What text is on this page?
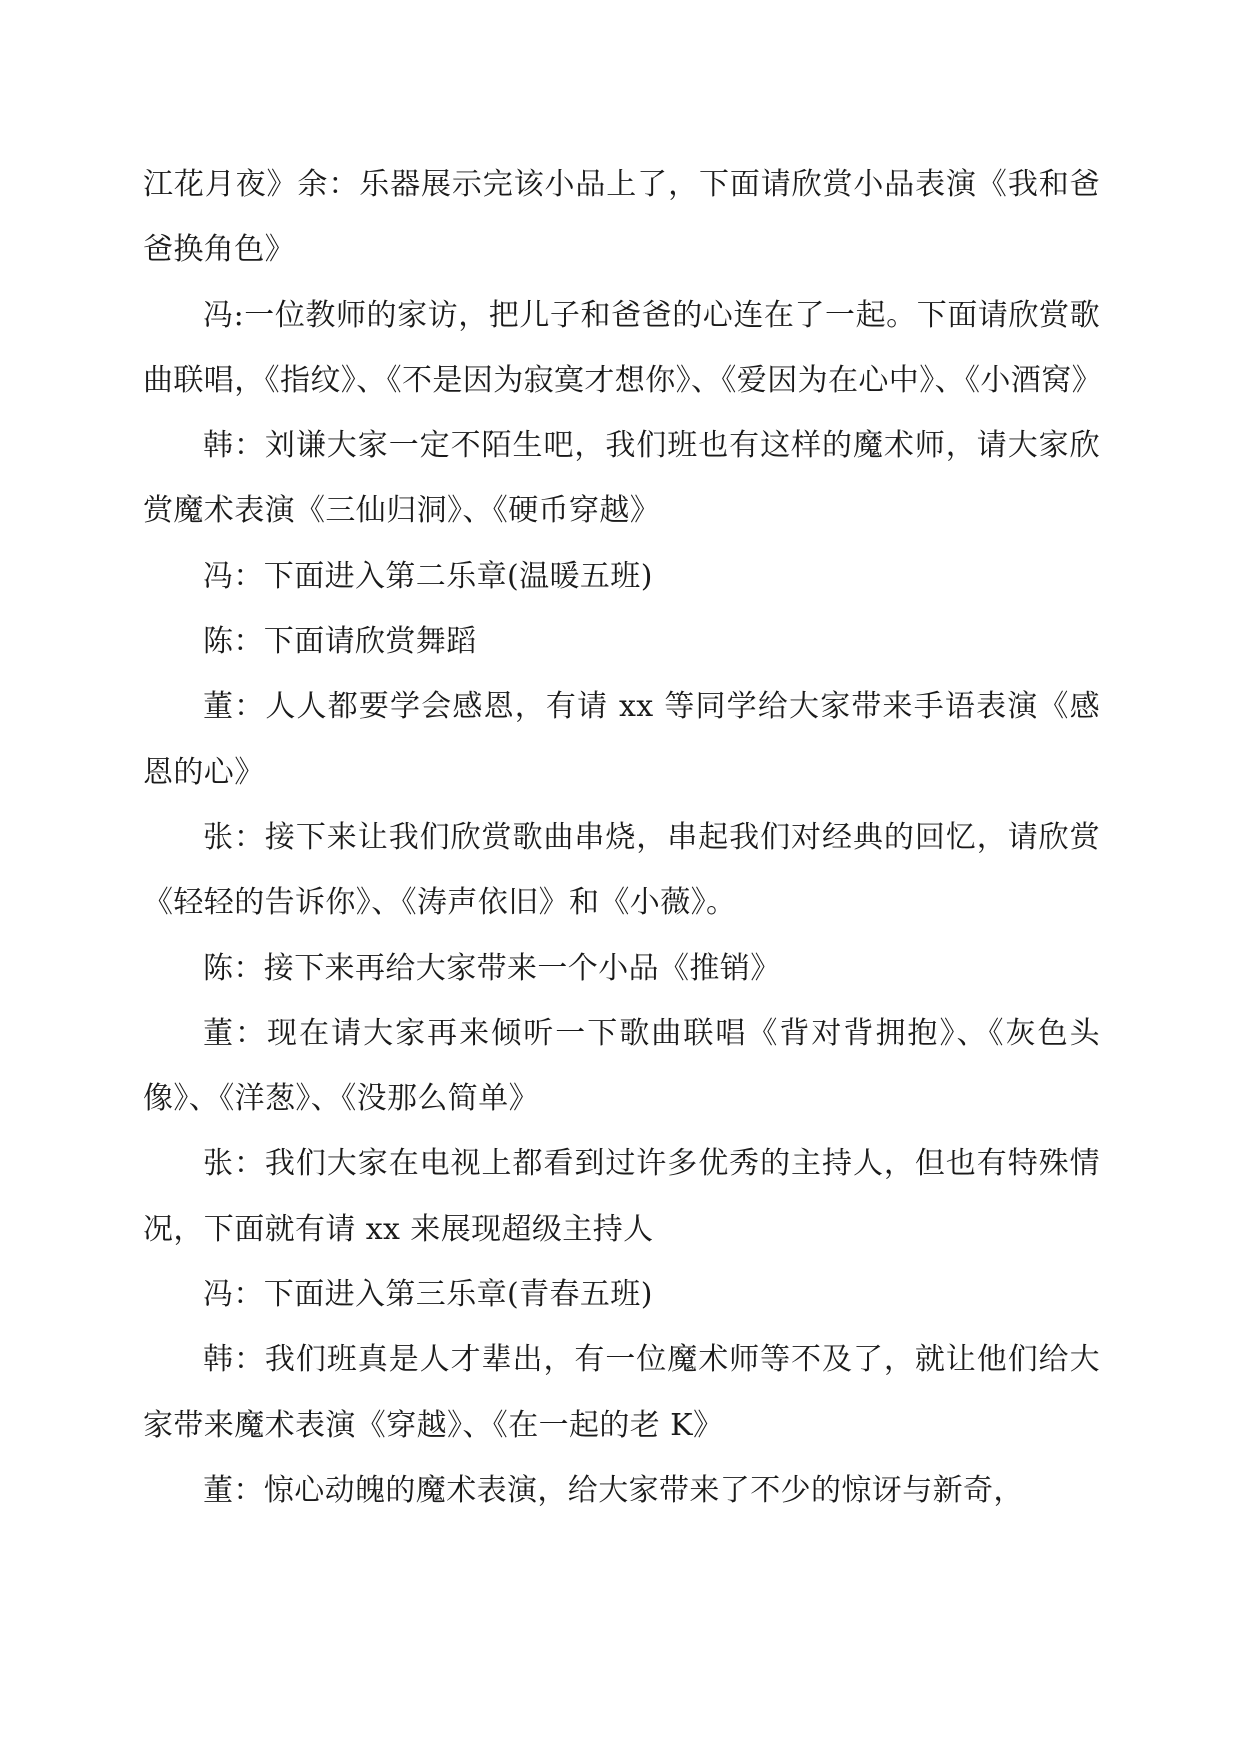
江花月夜》余：乐器展示完该小品上了，下面请欣赏小品表演《我和爸爸换角色》

冯:一位教师的家访，把儿子和爸爸的心连在了一起。下面请欣赏歌曲联唱，《指纹》、《不是因为寂寞才想你》、《爱因为在心中》、《小酒窝》

韩：刘谦大家一定不陌生吧，我们班也有这样的魔术师，请大家欣赏魔术表演《三仙归洞》、《硬币穿越》

冯：下面进入第二乐章(温暖五班)

陈：下面请欣赏舞蹈

董：人人都要学会感恩，有请 xx 等同学给大家带来手语表演《感恩的心》

张：接下来让我们欣赏歌曲串烧，串起我们对经典的回忆，请欣赏《轻轻的告诉你》、《涛声依旧》和《小薇》。

陈：接下来再给大家带来一个小品《推销》

董：现在请大家再来倾听一下歌曲联唱《背对背拥抱》、《灰色头像》、《洋葱》、《没那么简单》

张：我们大家在电视上都看到过许多优秀的主持人，但也有特殊情况，下面就有请 xx 来展现超级主持人

冯：下面进入第三乐章(青春五班)

韩：我们班真是人才辈出，有一位魔术师等不及了，就让他们给大家带来魔术表演《穿越》、《在一起的老 K》

董：惊心动魄的魔术表演，给大家带来了不少的惊讶与新奇，
